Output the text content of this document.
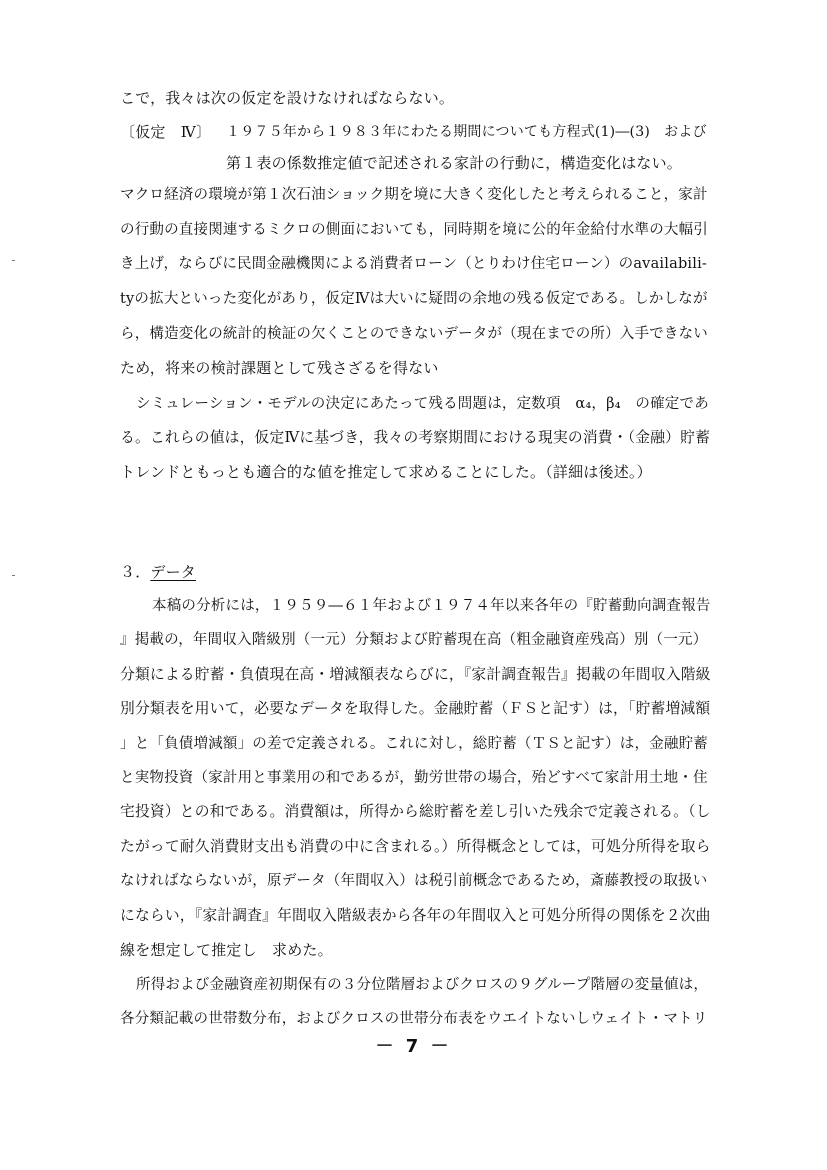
こで，我々は次の仮定を設けなければならない。
〔仮定　Ⅳ〕 １９７５年から１９８３年にわたる期間についても方程式(1)―(3)　および
第１表の係数推定値で記述される家計の行動に，構造変化はない。
マクロ経済の環境が第１次石油ショック期を境に大きく変化したと考えられること，家計
の行動の直接関連するミクロの側面においても，同時期を境に公的年金給付水準の大幅引
き上げ，ならびに民間金融機関による消費者ローン（とりわけ住宅ローン）のavailabili-
tyの拡大といった変化があり，仮定Ⅳは大いに疑問の余地の残る仮定である。しかしなが
ら，構造変化の統計的検証の欠くことのできないデータが（現在までの所）入手できない
ため，将来の検討課題として残さざるを得ない
シミュレーション・モデルの決定にあたって残る問題は，定数項　α₄，β₄　の確定であ
る。これらの値は，仮定Ⅳに基づき，我々の考察期間における現実の消費・（金融）貯蓄
トレンドともっとも適合的な値を推定して求めることにした。（詳細は後述。）
３．データ
本稿の分析には，１９５９―６１年および１９７４年以来各年の『貯蓄動向調査報告
』掲載の，年間収入階級別（一元）分類および貯蓄現在高（粗金融資産残高）別（一元）
分類による貯蓄・負債現在高・増減額表ならびに，『家計調査報告』掲載の年間収入階級
別分類表を用いて，必要なデータを取得した。金融貯蓄（ＦＳと記す）は，「貯蓄増減額
」と「負債増減額」の差で定義される。これに対し，総貯蓄（ＴＳと記す）は，金融貯蓄
と実物投資（家計用と事業用の和であるが，勤労世帯の場合，殆どすべて家計用土地・住
宅投資）との和である。消費額は，所得から総貯蓄を差し引いた残余で定義される。（し
たがって耐久消費財支出も消費の中に含まれる。）所得概念としては，可処分所得を取ら
なければならないが，原データ（年間収入）は税引前概念であるため，斎藤教授の取扱い
にならい，『家計調査』年間収入階級表から各年の年間収入と可処分所得の関係を２次曲
線を想定して推定し　求めた。
所得および金融資産初期保有の３分位階層およびクロスの９グループ階層の変量値は，
各分類記載の世帯数分布，およびクロスの世帯分布表をウエイトないしウェイト・マトリ
－ 7 －
